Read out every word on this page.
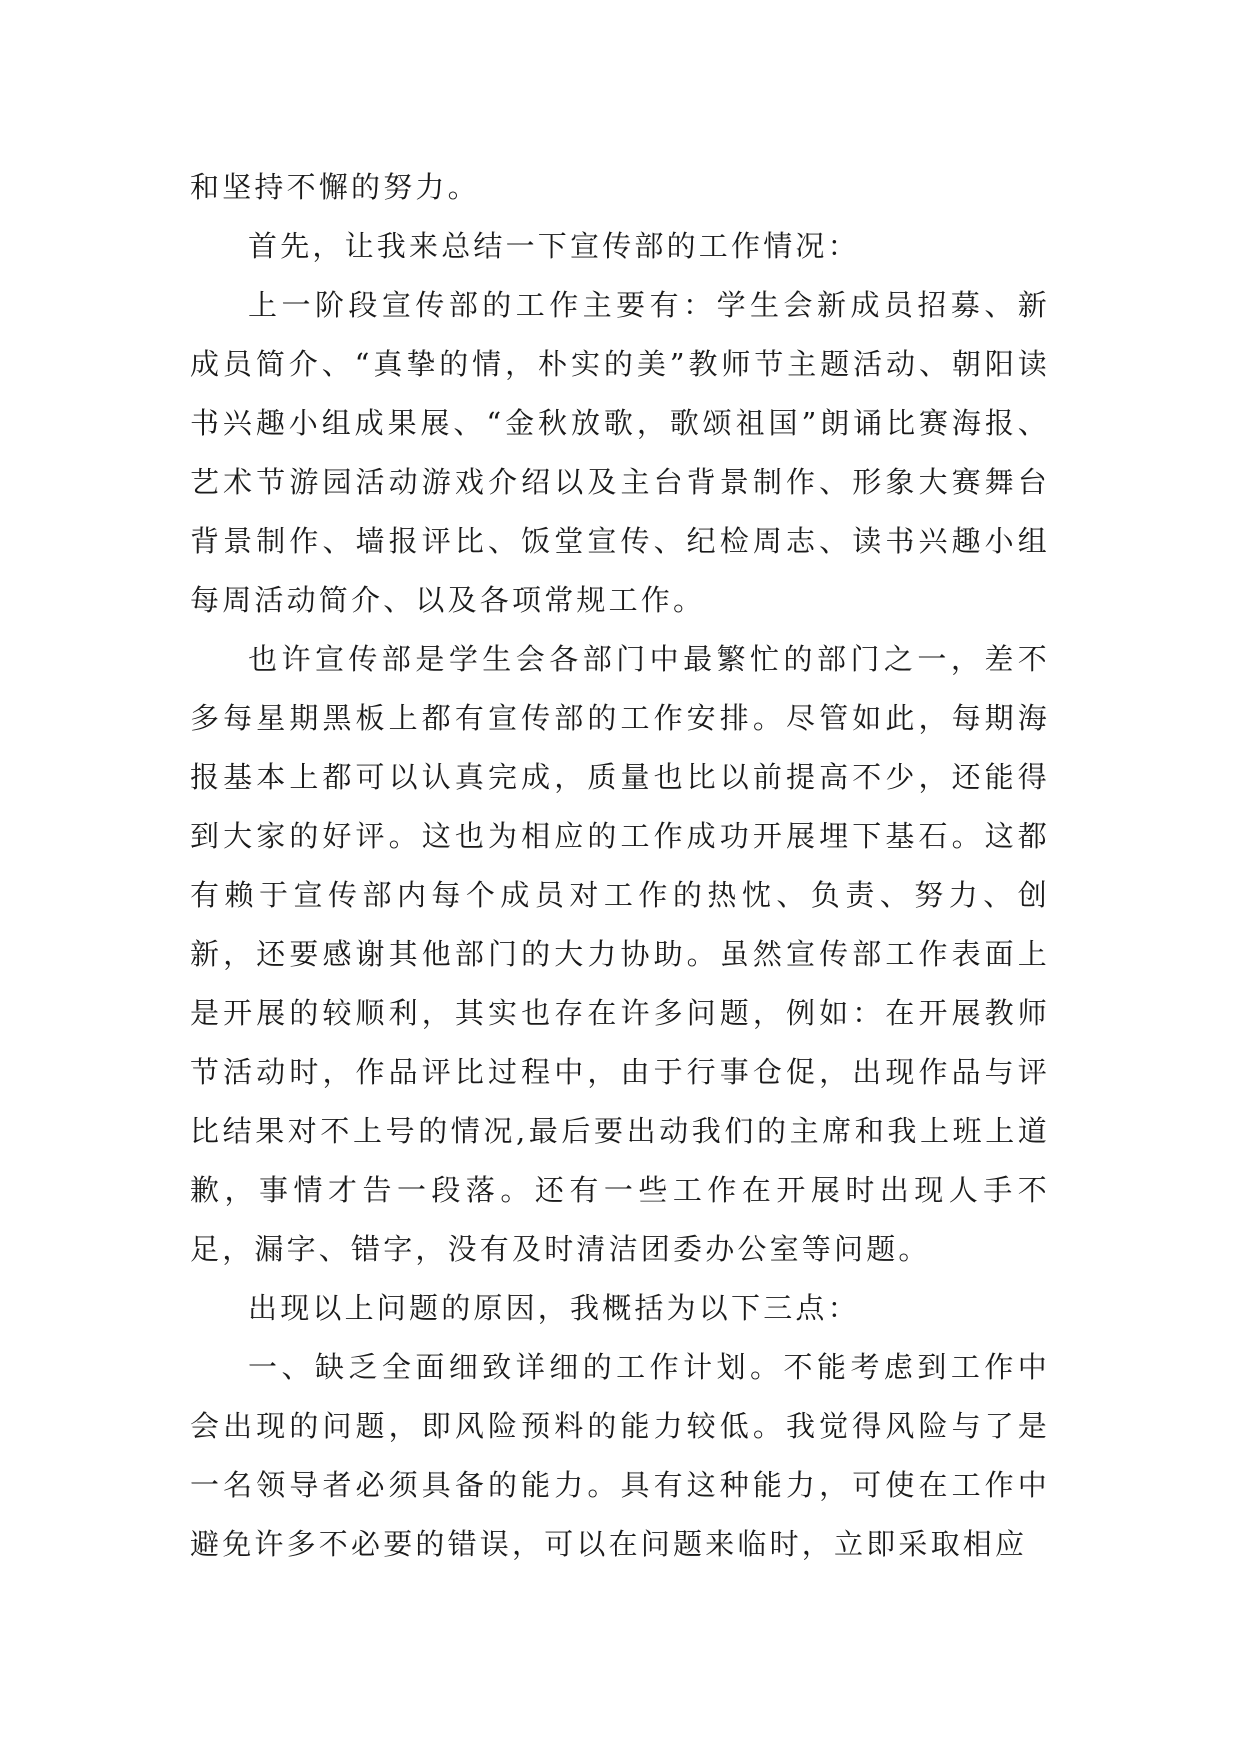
和坚持不懈的努力。

首先，让我来总结一下宣传部的工作情况：

上一阶段宣传部的工作主要有：学生会新成员招募、新成员简介、“真挚的情，朴实的美”教师节主题活动、朝阳读书兴趣小组成果展、“金秋放歌，歌颂祖国”朗诵比赛海报、艺术节游园活动游戏介绍以及主台背景制作、形象大赛舞台背景制作、墙报评比、饭堂宣传、纪检周志、读书兴趣小组每周活动简介、以及各项常规工作。

也许宣传部是学生会各部门中最繁忙的部门之一，差不多每星期黑板上都有宣传部的工作安排。尽管如此，每期海报基本上都可以认真完成，质量也比以前提高不少，还能得到大家的好评。这也为相应的工作成功开展埋下基石。这都有赖于宣传部内每个成员对工作的热忱、负责、努力、创新，还要感谢其他部门的大力协助。虽然宣传部工作表面上是开展的较顺利，其实也存在许多问题，例如：在开展教师节活动时，作品评比过程中，由于行事仓促，出现作品与评比结果对不上号的情况,最后要出动我们的主席和我上班上道歉，事情才告一段落。还有一些工作在开展时出现人手不足，漏字、错字，没有及时清洁团委办公室等问题。

出现以上问题的原因，我概括为以下三点：

一、缺乏全面细致详细的工作计划。不能考虑到工作中会出现的问题，即风险预料的能力较低。我觉得风险与了是一名领导者必须具备的能力。具有这种能力，可使在工作中避免许多不必要的错误，可以在问题来临时，立即采取相应
